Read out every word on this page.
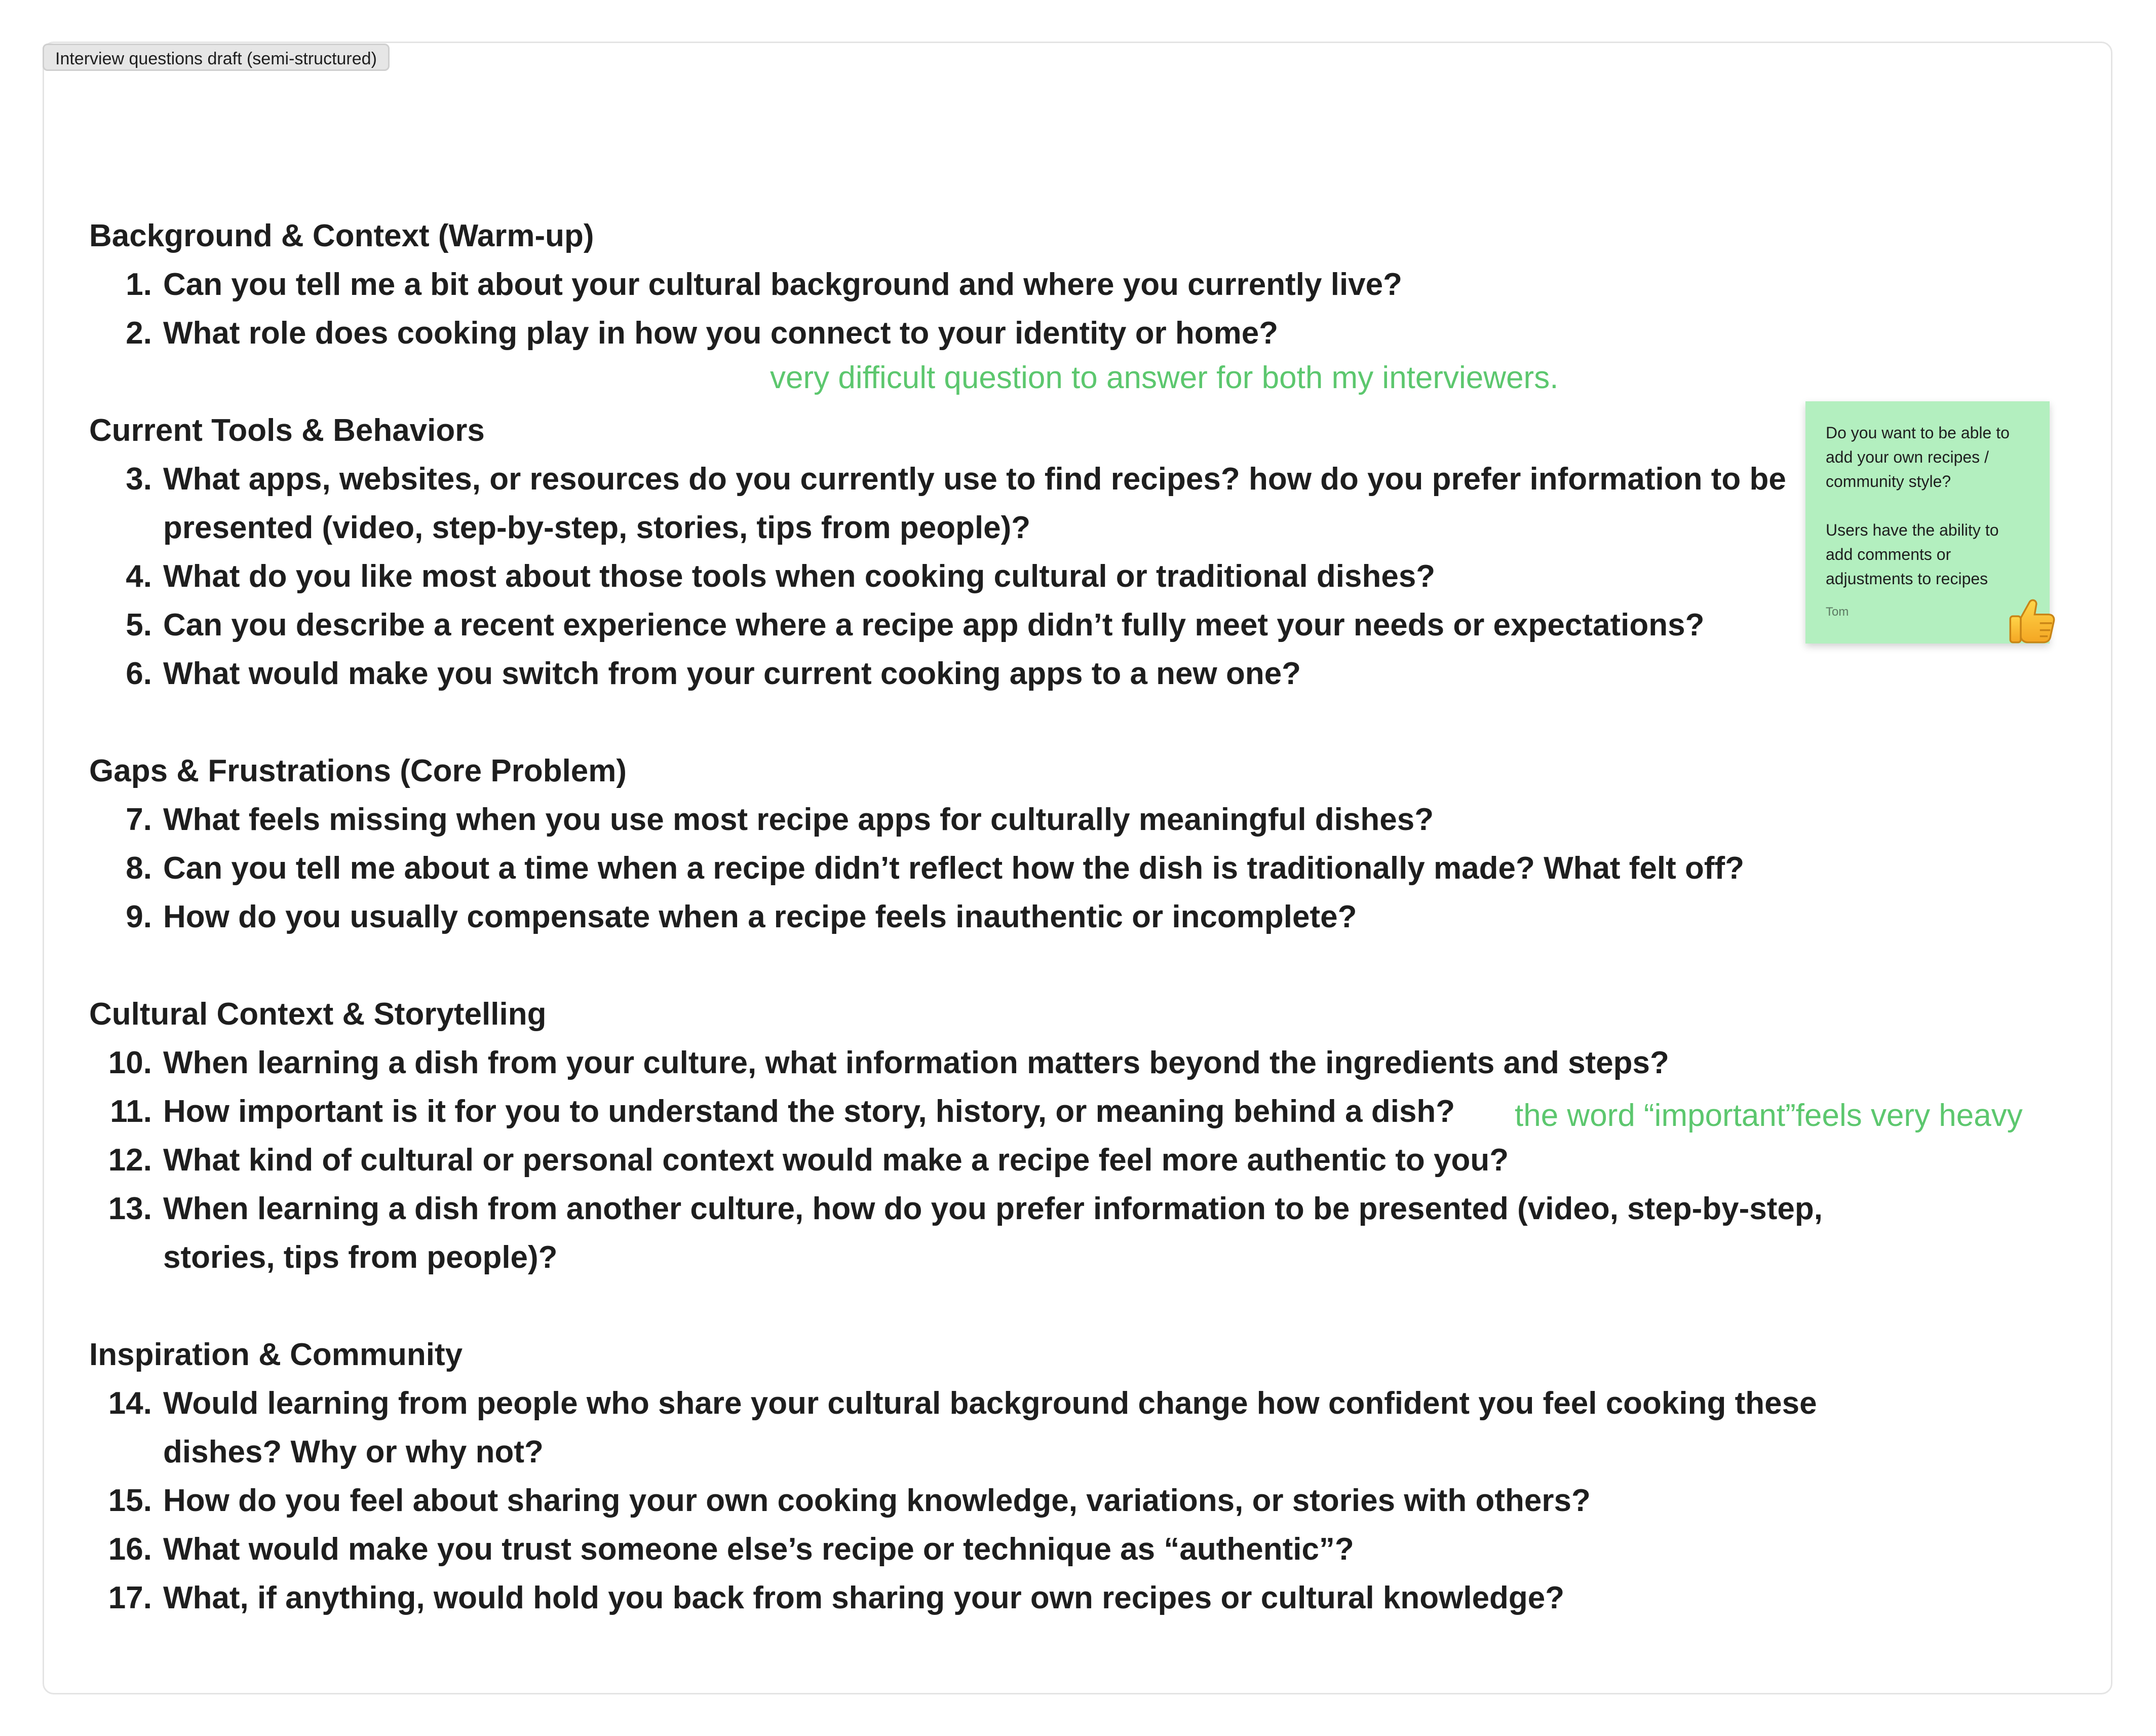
Interview questions draft (semi-structured)
Background & Context (Warm-up)
1. Can you tell me a bit about your cultural background and where you currently live?
2. What role does cooking play in how you connect to your identity or home?
Current Tools & Behaviors
3. What apps, websites, or resources do you currently use to find recipes? how do you prefer information to be presented (video, step-by-step, stories, tips from people)?
4. What do you like most about those tools when cooking cultural or traditional dishes?
5. Can you describe a recent experience where a recipe app didn’t fully meet your needs or expectations?
6. What would make you switch from your current cooking apps to a new one?
Gaps & Frustrations (Core Problem)
7. What feels missing when you use most recipe apps for culturally meaningful dishes?
8. Can you tell me about a time when a recipe didn’t reflect how the dish is traditionally made? What felt off?
9. How do you usually compensate when a recipe feels inauthentic or incomplete?
Cultural Context & Storytelling
10. When learning a dish from your culture, what information matters beyond the ingredients and steps?
11. How important is it for you to understand the story, history, or meaning behind a dish?
12. What kind of cultural or personal context would make a recipe feel more authentic to you?
13. When learning a dish from another culture, how do you prefer information to be presented (video, step-by-step, stories, tips from people)?
Inspiration & Community
14. Would learning from people who share your cultural background change how confident you feel cooking these dishes? Why or why not?
15. How do you feel about sharing your own cooking knowledge, variations, or stories with others?
16. What would make you trust someone else’s recipe or technique as “authentic”?
17. What, if anything, would hold you back from sharing your own recipes or cultural knowledge?
very difficult question to answer for both my interviewers.
the word “important”feels very heavy

Do you want to be able to

add your own recipes /

community style?

Users have the ability to

add comments or

adjustments to recipes

Tom
